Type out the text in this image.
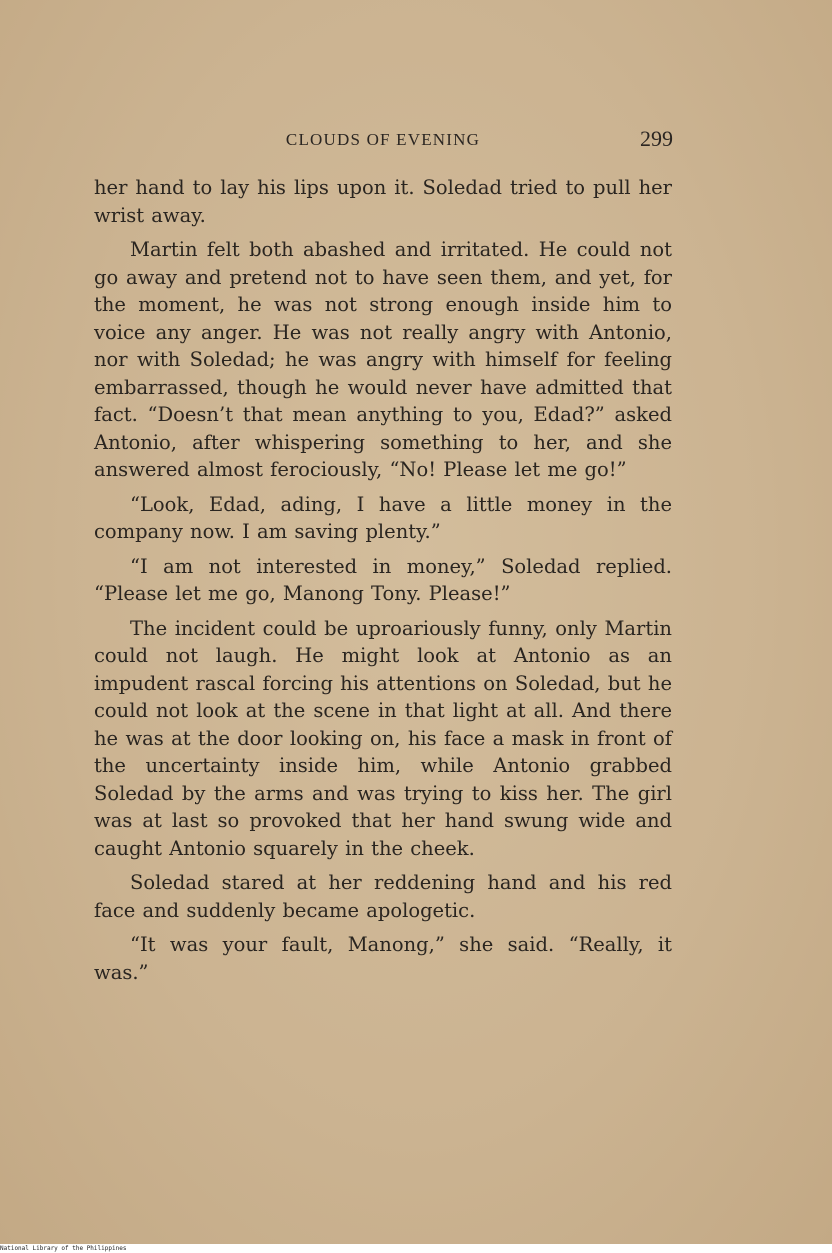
CLOUDS OF EVENING	299

her hand to lay his lips upon it. Soledad tried to pull her wrist away.

Martin felt both abashed and irritated. He could not go away and pretend not to have seen them, and yet, for the moment, he was not strong enough inside him to voice any anger. He was not really angry with Antonio, nor with Soledad; he was angry with himself for feeling embarrassed, though he would never have admitted that fact. “Doesn’t that mean anything to you, Edad?” asked Antonio, after whispering something to her, and she answered almost ferociously, “No! Please let me go!”

“Look, Edad, ading, I have a little money in the company now. I am saving plenty.”

“I am not interested in money,” Soledad replied. “Please let me go, Manong Tony. Please!”

The incident could be uproariously funny, only Martin could not laugh. He might look at Antonio as an impudent rascal forcing his attentions on Soledad, but he could not look at the scene in that light at all. And there he was at the door looking on, his face a mask in front of the uncertainty inside him, while Antonio grabbed Soledad by the arms and was trying to kiss her. The girl was at last so provoked that her hand swung wide and caught Antonio squarely in the cheek.

Soledad stared at her reddening hand and his red face and suddenly became apologetic.

“It was your fault, Manong,” she said. “Really, it was.”

National Library of the Philippines
